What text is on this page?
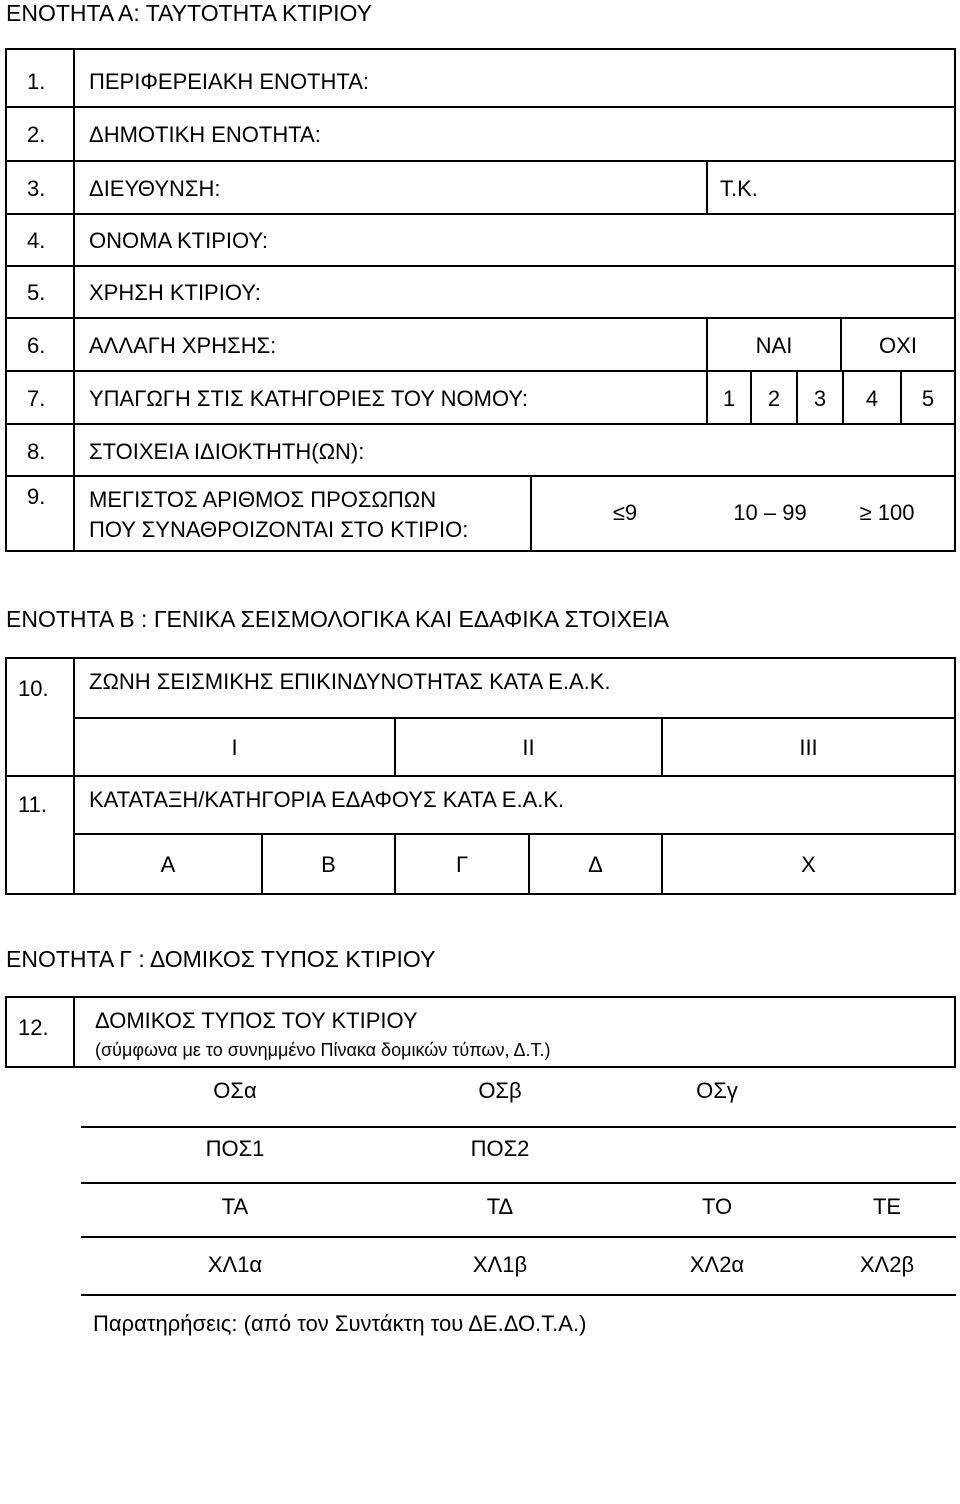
ΕΝΟΤΗΤΑ Α: ΤΑΥΤΟΤΗΤΑ ΚΤΙΡΙΟΥ
1. ΠΕΡΙΦΕΡΕΙΑΚΗ ΕΝΟΤΗΤΑ:
2. ΔΗΜΟΤΙΚΗ ΕΝΟΤΗΤΑ:
3. ΔΙΕΥΘΥΝΣΗ:	Τ.Κ.
4. ΟΝΟΜΑ ΚΤΙΡΙΟΥ:
5. ΧΡΗΣΗ ΚΤΙΡΙΟΥ:
6. ΑΛΛΑΓΗ ΧΡΗΣΗΣ:	ΝΑΙ	ΟΧΙ
7. ΥΠΑΓΩΓΗ ΣΤΙΣ ΚΑΤΗΓΟΡΙΕΣ ΤΟΥ ΝΟΜΟΥ:	1	2	3	4	5
8. ΣΤΟΙΧΕΙΑ ΙΔΙΟΚΤΗΤΗ(ΩΝ):
9. ΜΕΓΙΣΤΟΣ ΑΡΙΘΜΟΣ ΠΡΟΣΩΠΩΝ
ΠΟΥ ΣΥΝΑΘΡΟΙΖΟΝΤΑΙ ΣΤΟ ΚΤΙΡΙΟ:
≤9	10 – 99	≥ 100
ΕΝΟΤΗΤΑ Β : ΓΕΝΙΚΑ ΣΕΙΣΜΟΛΟΓΙΚΑ ΚΑΙ ΕΔΑΦΙΚΑ ΣΤΟΙΧΕΙΑ
10. ΖΩΝΗ ΣΕΙΣΜΙΚΗΣ ΕΠΙΚΙΝΔΥΝΟΤΗΤΑΣ ΚΑΤΑ Ε.Α.Κ.
I	II	III
11. ΚΑΤΑΤΑΞΗ/ΚΑΤΗΓΟΡΙΑ ΕΔΑΦΟΥΣ ΚΑΤΑ Ε.Α.Κ.
Α	Β	Γ	Δ	Χ
ΕΝΟΤΗΤΑ Γ : ΔΟΜΙΚΟΣ ΤΥΠΟΣ ΚΤΙΡΙΟΥ
12. ΔΟΜΙΚΟΣ ΤΥΠΟΣ ΤΟΥ ΚΤΙΡΙΟΥ
(σύμφωνα με το συνημμένο Πίνακα δομικών τύπων, Δ.Τ.)
ΟΣα	ΟΣβ	ΟΣγ
ΠΟΣ1	ΠΟΣ2
ΤΑ	ΤΔ	ΤΟ	ΤΕ
ΧΛ1α	ΧΛ1β	ΧΛ2α	ΧΛ2β
Παρατηρήσεις: (από τον Συντάκτη του ΔΕ.ΔΟ.Τ.Α.)
